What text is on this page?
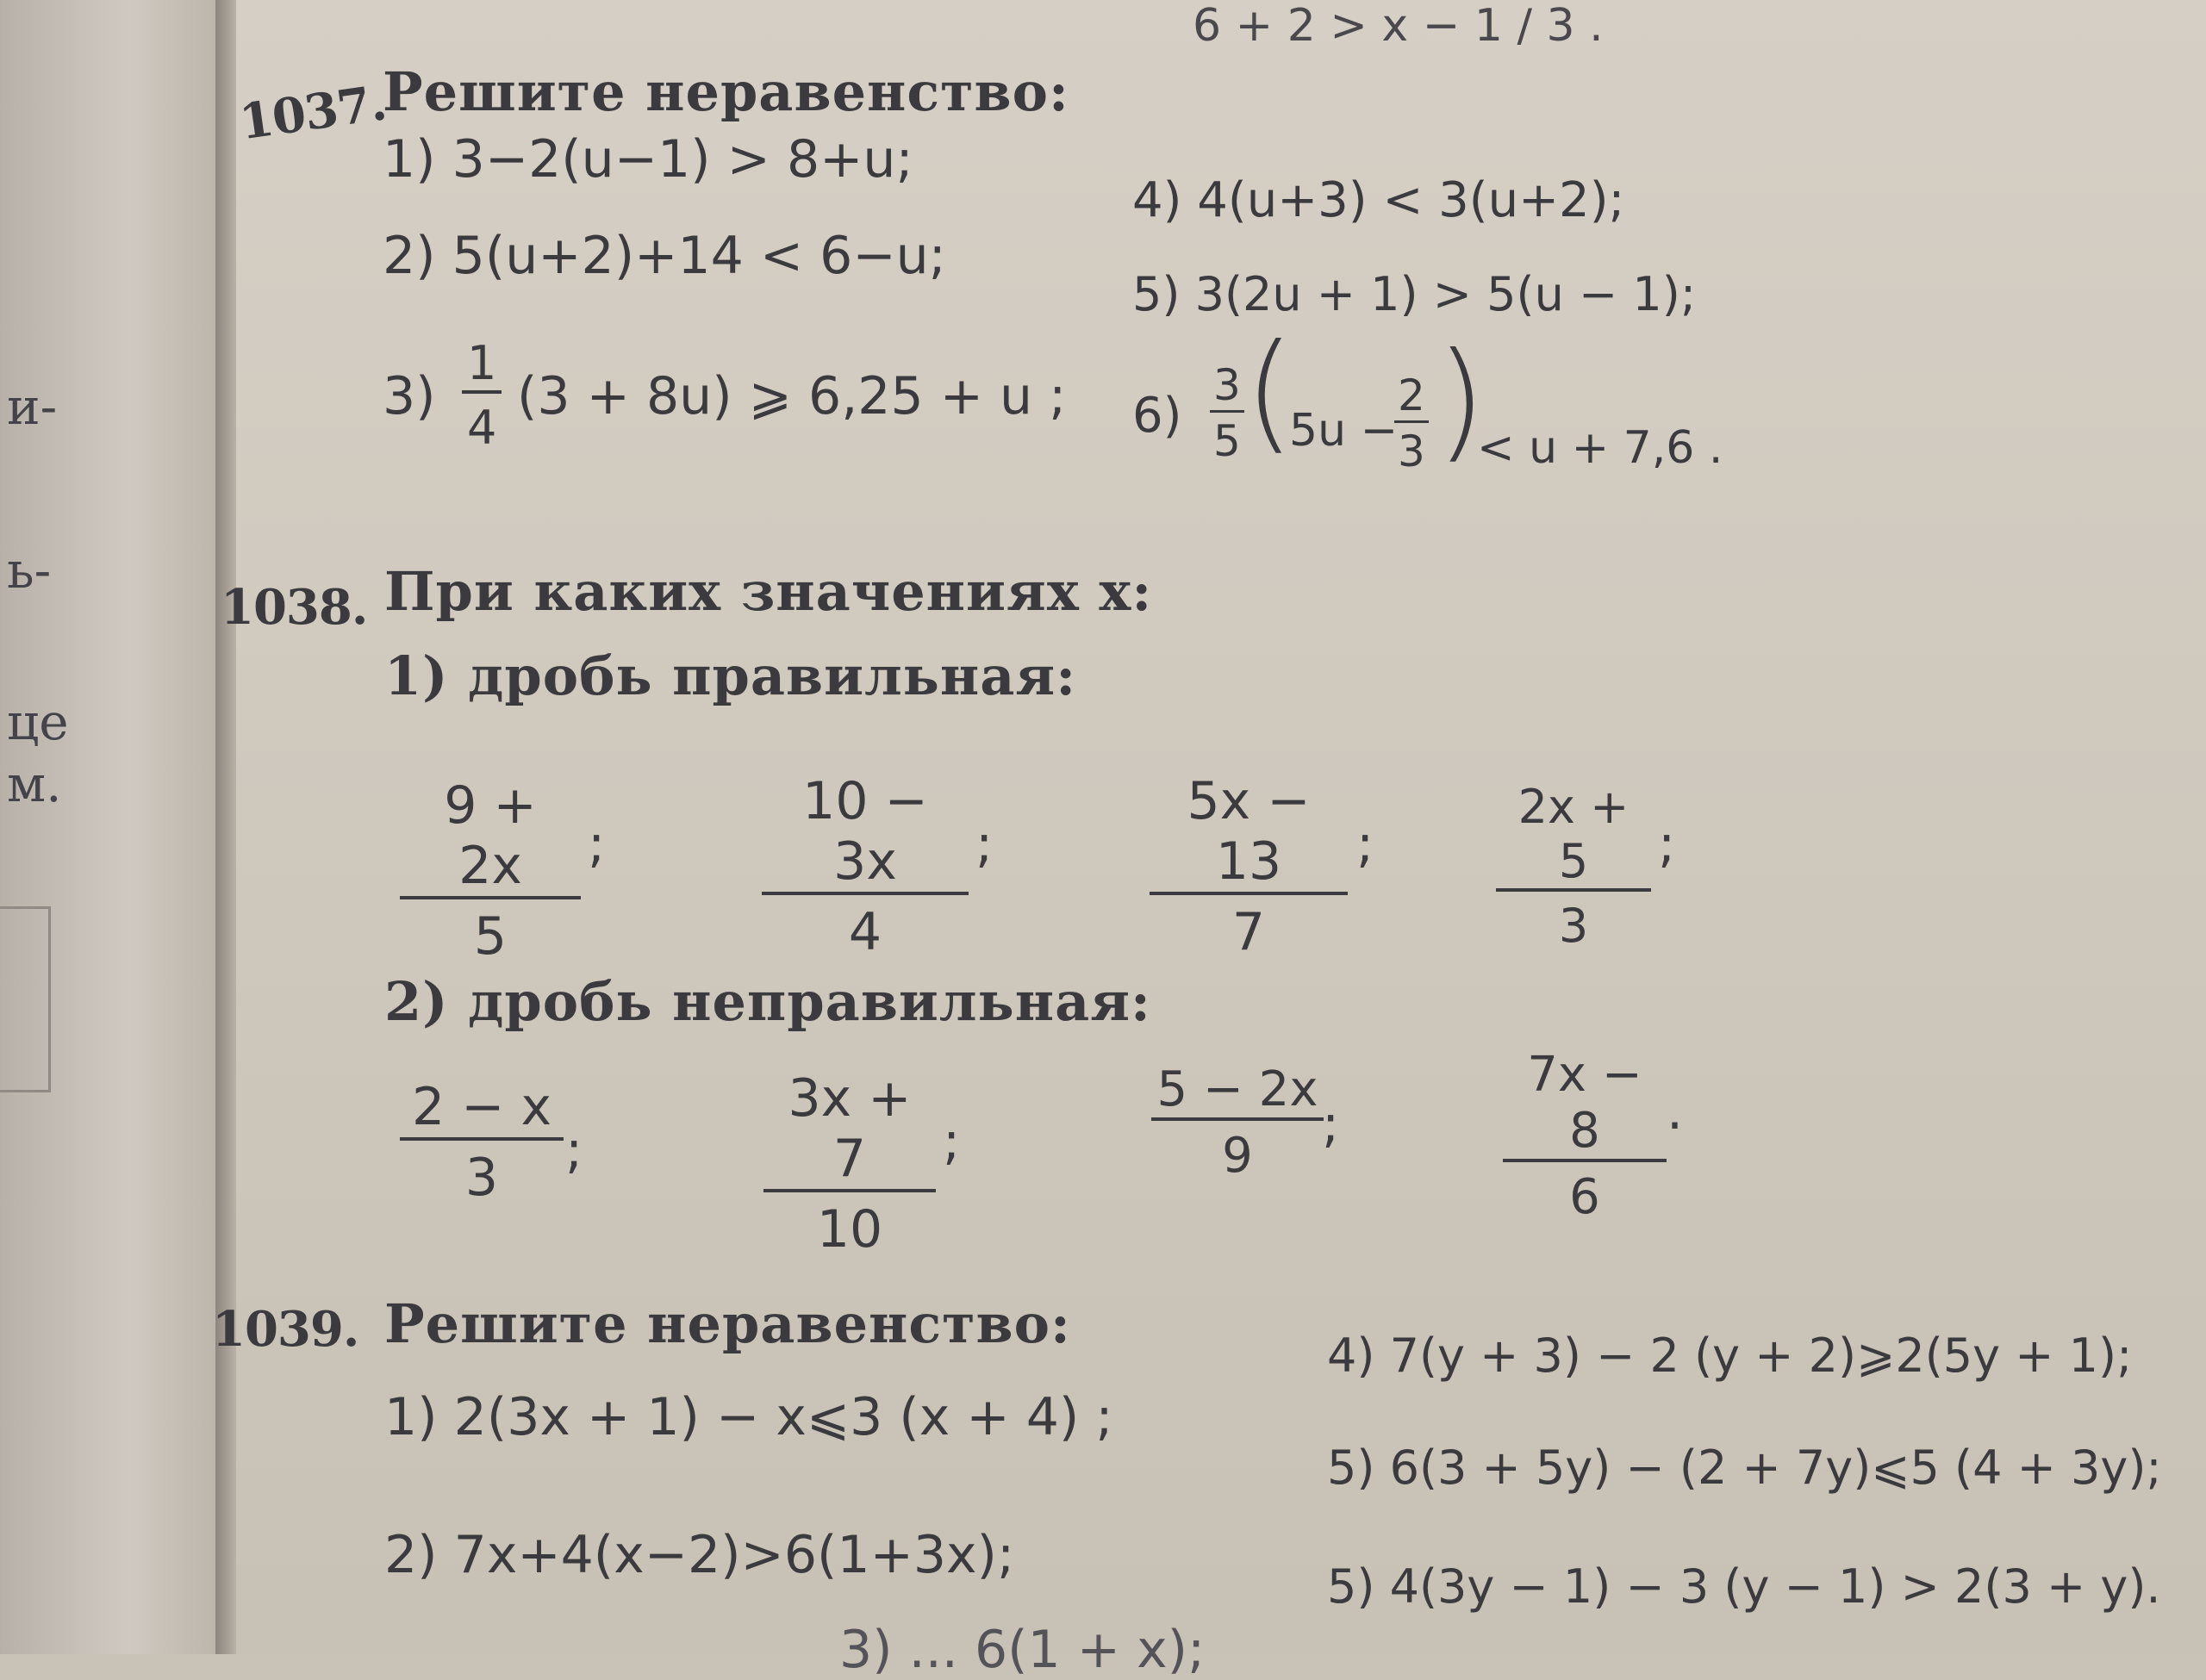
и-
ь-
це
м.
6 + 2 > x − 1 / 3 .
1037.
Решите неравенство:
1) 3−2(u−1) > 8+u;
2) 5(u+2)+14 < 6−u;
$3) \frac{1}{4} (3 + 8u)$ ⩾ 6,25 + u ;
4) 4(u+3) < 3(u+2);
5) 3(2u + 1) > 5(u − 1);
$6) \frac{3}{5}$ (
5u −
$\frac{2}{3}$ )
< u + 7,6 .
1038. При каких значениях x:
1) дробь правильная:
$\frac{9 + 2x}{5}$ ;	$\frac{10 - 3x}{4}$ ;	$\frac{5x - 13}{7}$ ;	$\frac{2x + 5}{3}$ ;
2) дробь неправильная:
$\frac{2 - x}{3}$ ;	$\frac{3x + 7}{10}$ ;	$\frac{5 - 2x}{9}$
;	$\frac{7x - 8}{6}$ .
1039. Решите неравенство:
1) 2(3x + 1) − x⩽3 (x + 4) ;
2) 7x+4(x−2)>6(1+3x);
3) ... 6(1 + x);
4) 7(y + 3) − 2 (y + 2)⩾2(5y + 1);
5) 6(3 + 5y) − (2 + 7y)⩽5 (4 + 3y);
5) 4(3y − 1) − 3 (y − 1) > 2(3 + y).
